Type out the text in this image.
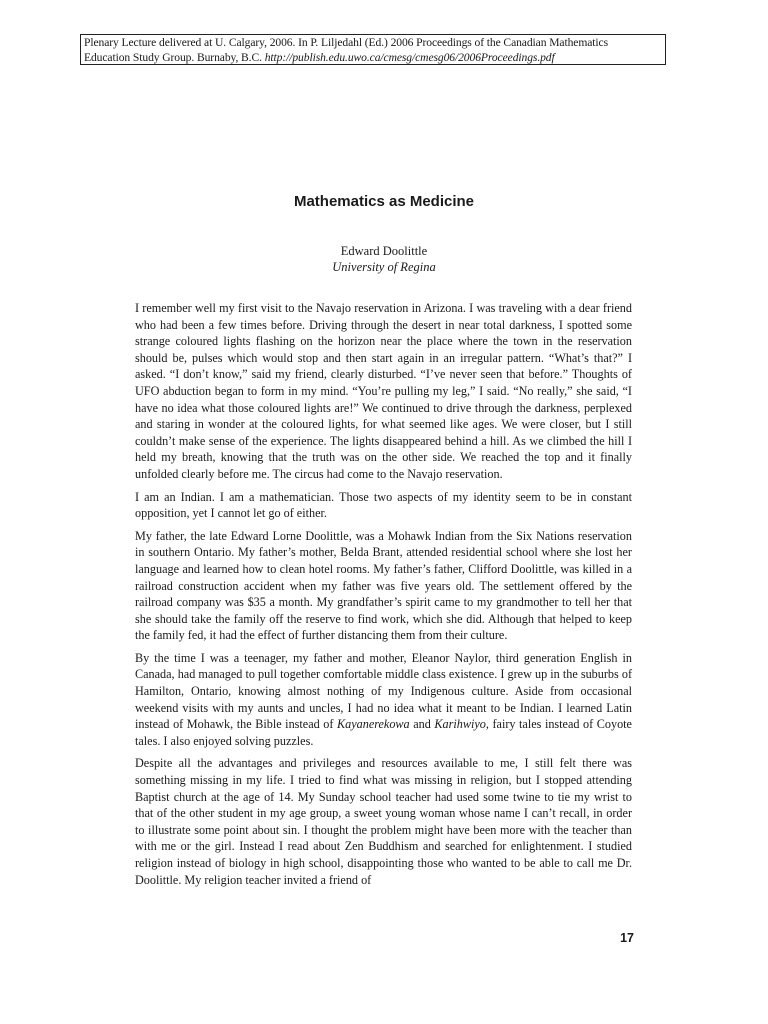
Plenary Lecture delivered at U. Calgary, 2006. In P. Liljedahl (Ed.) 2006 Proceedings of the Canadian Mathematics
Education Study Group. Burnaby, B.C. http://publish.edu.uwo.ca/cmesg/cmesg06/2006Proceedings.pdf
Mathematics as Medicine
Edward Doolittle
University of Regina

I remember well my first visit to the Navajo reservation in Arizona. I was traveling with a dear friend who had been a few times before. Driving through the desert in near total darkness, I spotted some strange coloured lights flashing on the horizon near the place where the town in the reservation should be, pulses which would stop and then start again in an irregular pattern. “What’s that?” I asked. “I don’t know,” said my friend, clearly disturbed. “I’ve never seen that before.” Thoughts of UFO abduction began to form in my mind. “You’re pulling my leg,” I said. “No really,” she said, “I have no idea what those coloured lights are!” We continued to drive through the darkness, perplexed and staring in wonder at the coloured lights, for what seemed like ages. We were closer, but I still couldn’t make sense of the experience. The lights disappeared behind a hill. As we climbed the hill I held my breath, knowing that the truth was on the other side. We reached the top and it finally unfolded clearly before me. The circus had come to the Navajo reservation.

I am an Indian. I am a mathematician. Those two aspects of my identity seem to be in constant opposition, yet I cannot let go of either.

My father, the late Edward Lorne Doolittle, was a Mohawk Indian from the Six Nations reservation in southern Ontario. My father’s mother, Belda Brant, attended residential school where she lost her language and learned how to clean hotel rooms. My father’s father, Clifford Doolittle, was killed in a railroad construction accident when my father was five years old. The settlement offered by the railroad company was $35 a month. My grandfather’s spirit came to my grandmother to tell her that she should take the family off the reserve to find work, which she did. Although that helped to keep the family fed, it had the effect of further distancing them from their culture.

By the time I was a teenager, my father and mother, Eleanor Naylor, third generation English in Canada, had managed to pull together comfortable middle class existence. I grew up in the suburbs of Hamilton, Ontario, knowing almost nothing of my Indigenous culture. Aside from occasional weekend visits with my aunts and uncles, I had no idea what it meant to be Indian. I learned Latin instead of Mohawk, the Bible instead of Kayanerekowa and Karihwiyo, fairy tales instead of Coyote tales. I also enjoyed solving puzzles.

Despite all the advantages and privileges and resources available to me, I still felt there was something missing in my life. I tried to find what was missing in religion, but I stopped attending Baptist church at the age of 14. My Sunday school teacher had used some twine to tie my wrist to that of the other student in my age group, a sweet young woman whose name I can’t recall, in order to illustrate some point about sin. I thought the problem might have been more with the teacher than with me or the girl. Instead I read about Zen Buddhism and searched for enlightenment. I studied religion instead of biology in high school, disappointing those who wanted to be able to call me Dr. Doolittle. My religion teacher invited a friend of

17
